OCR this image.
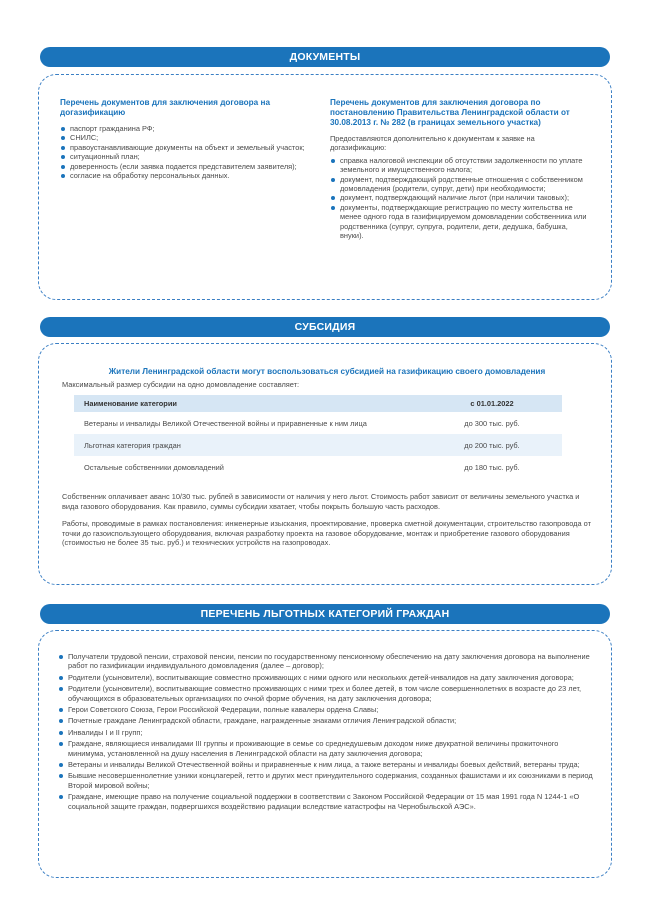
ДОКУМЕНТЫ
Перечень документов для заключения договора на догазификацию
паспорт гражданина РФ;
СНИЛС;
правоустанавливающие документы на объект и земельный участок;
ситуационный план;
доверенность (если заявка подается представителем заявителя);
согласие на обработку персональных данных.
Перечень документов для заключения договора по постановлению Правительства Ленинградской области от 30.08.2013 г. № 282 (в границах земельного участка)
Предоставляются дополнительно к документам к заявке на догазификацию:
справка налоговой инспекции об отсутствии задолженности по уплате земельного и имущественного налога;
документ, подтверждающий родственные отношения с собственником домовладения (родители, супруг, дети) при необходимости;
документ, подтверждающий наличие льгот (при наличии таковых);
документы, подтверждающие регистрацию по месту жительства не менее одного года в газифицируемом домовладении собственника или родственника (супруг, супруга, родители, дети, дедушка, бабушка, внуки).
СУБСИДИЯ
Жители Ленинградской области могут воспользоваться субсидией на газификацию своего домовладения
Максимальный размер субсидии на одно домовладение составляет:
Наименование категории	с 01.01.2022
Ветераны и инвалиды Великой Отечественной войны и приравненные к ним лица	до 300 тыс. руб.
Льготная категория граждан	до 200 тыс. руб.
Остальные собственники домовладений	до 180 тыс. руб.
Собственник оплачивает аванс 10/30 тыс. рублей в зависимости от наличия у него льгот. Стоимость работ зависит от величины земельного участка и вида газового оборудования. Как правило, суммы субсидии хватает, чтобы покрыть большую часть расходов.
Работы, проводимые в рамках постановления: инженерные изыскания, проектирование, проверка сметной документации, строительство газопровода от точки до газоиспользующего оборудования, включая разработку проекта на газовое оборудование, монтаж и приобретение газового оборудования (стоимостью не более 35 тыс. руб.) и технических устройств на газопроводах.
ПЕРЕЧЕНЬ ЛЬГОТНЫХ КАТЕГОРИЙ ГРАЖДАН
Получатели трудовой пенсии, страховой пенсии, пенсии по государственному пенсионному обеспечению на дату заключения договора на выполнение работ по газификации индивидуального домовладения (далее – договор);
Родители (усыновители), воспитывающие совместно проживающих с ними одного или нескольких детей-инвалидов на дату заключения договора;
Родители (усыновители), воспитывающие совместно проживающих с ними трех и более детей, в том числе совершеннолетних в возрасте до 23 лет, обучающихся в образовательных организациях по очной форме обучения, на дату заключения договора;
Герои Советского Союза, Герои Российской Федерации, полные кавалеры ордена Славы;
Почетные граждане Ленинградской области, граждане, награжденные знаками отличия Ленинградской области;
Инвалиды I и II групп;
Граждане, являющиеся инвалидами III группы и проживающие в семье со среднедушевым доходом ниже двукратной величины прожиточного минимума, установленной на душу населения в Ленинградской области на дату заключения договора;
Ветераны и инвалиды Великой Отечественной войны и приравненные к ним лица, а также ветераны и инвалиды боевых действий, ветераны труда;
Бывшие несовершеннолетние узники концлагерей, гетто и других мест принудительного содержания, созданных фашистами и их союзниками в период Второй мировой войны;
Граждане, имеющие право на получение социальной поддержки в соответствии с Законом Российской Федерации от 15 мая 1991 года N 1244-1 «О социальной защите граждан, подвергшихся воздействию радиации вследствие катастрофы на Чернобыльской АЭС».
